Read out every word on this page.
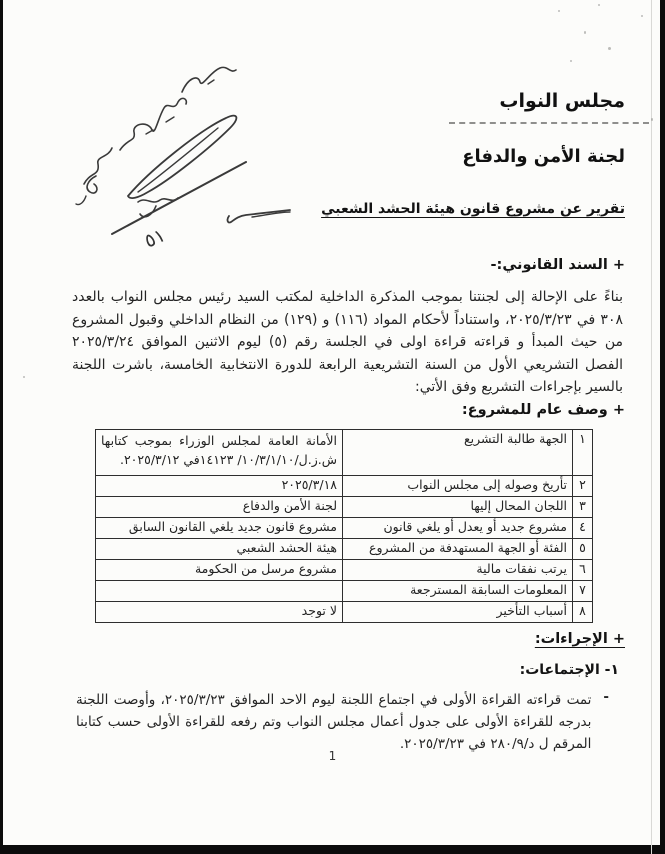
مجلس النواب
لجنة الأمن والدفاع
تقرير عن مشروع قانون هيئة الحشد الشعبي
+ السند القانوني:-
بناءً على الإحالة إلى لجنتنا بموجب المذكرة الداخلية لمكتب السيد رئيس مجلس النواب بالعدد ٣٠٨ في ٢٠٢٥/٣/٢٣، واستناداً لأحكام المواد (١١٦) و (١٢٩) من النظام الداخلي وقبول المشروع من حيث المبدأ و قراءته قراءة اولى في الجلسة رقم (٥) ليوم الاثنين الموافق ٢٠٢٥/٣/٢٤ الفصل التشريعي الأول من السنة التشريعية الرابعة للدورة الانتخابية الخامسة، باشرت اللجنة بالسير بإجراءات التشريع وفق الأتي:
+ وصف عام للمشروع:
١	الجهة طالبة التشريع	الأمانة العامة لمجلس الوزراء بموجب كتابها ش.ز.ل/١٠/٣/١/١٠/ ١٤١٢٣في ٢٠٢٥/٣/١٢.
٢	تأريخ وصوله إلى مجلس النواب	٢٠٢٥/٣/١٨
٣	اللجان المحال إليها	لجنة الأمن والدفاع
٤	مشروع جديد أو يعدل أو يلغي قانون	مشروع قانون جديد يلغي القانون السابق
٥	الفئة أو الجهة المستهدفة من المشروع	هيئة الحشد الشعبي
٦	يرتب نفقات مالية	مشروع مرسل من الحكومة
٧	المعلومات السابقة المسترجعة	
٨	أسباب التأخير	لا توجد
+ الإجراءات:
١- الإجتماعات:
-
تمت قراءته القراءة الأولى في اجتماع اللجنة ليوم الاحد الموافق ٢٠٢٥/٣/٢٣، وأوصت اللجنة بدرجه للقراءة الأولى على جدول أعمال مجلس النواب وتم رفعه للقراءة الأولى حسب كتابنا المرقم ل د/٢٨٠/٩ في ٢٠٢٥/٣/٢٣.
1
٥١
